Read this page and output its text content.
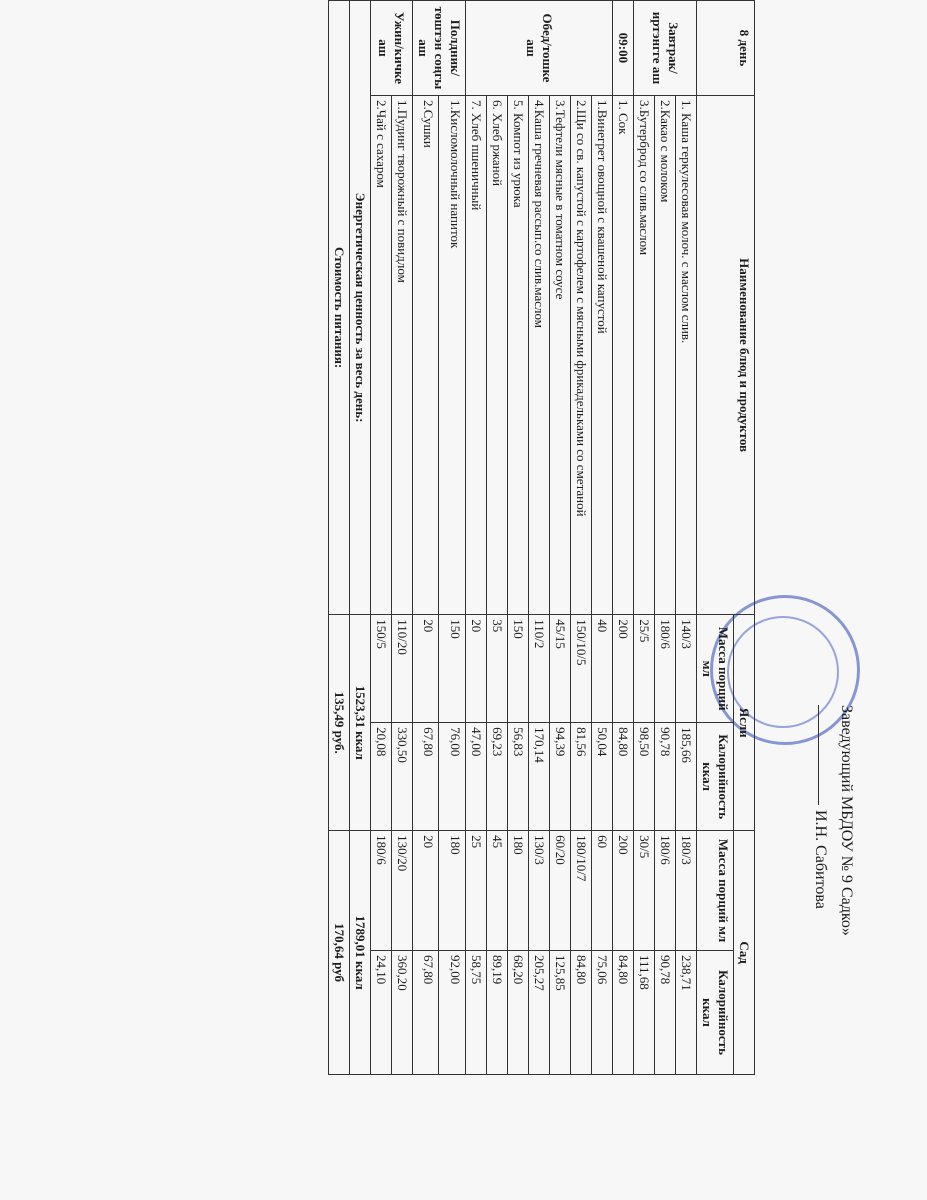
Заведующий МБДОУ № 9 Садко»
И.Н. Сабитова
8 день	Наименование блюд и продуктов	Ясли		Сад	
		Масса порций мл	Калорийность ккал	Масса порций мл	Калорийность ккал
Завтрак/иртэнгге аш	1. Каша геркулесовая молоч. с маслом слив.	140/3	185,66	180/3	238,71
	2.Какао с молоком	180/6	90,78	180/6	90,78
	3.Бутерброд со слив.маслом	25/5	98,50	30/5	111,68
09:00	1. Сок	200	84,80	200	84,80
Обед/тошке аш	1.Винегрет овощной с квашеной капустой	40	50,04	60	75,06
	2.Щи со св. капустой с картофелем с мясными фрикадельками со сметаной	150/10/5	81,56	180/10/7	84,80
	3.Тефтели мясные в томатном соусе	45/15	94,39	60/20	125,85
	4.Каша гречневая рассып.со слив.маслом	110/2	170,14	130/3	205,27
	5. Компот из урюка	150	56,83	180	68,20
	6. Хлеб ржаной	35	69,23	45	89,19
	7. Хлеб пшеничный	20	47,00	25	58,75
Полдник/төштэн соңгы аш	1.Кисломолочный напиток	150	76,00	180	92,00
	2.Сушки	20	67,80	20	67,80
Ужин/кичке аш	1.Пудинг творожный с повидлом	110/20	330,50	130/20	360,20
	2.Чай с сахаром	150/5	20,08	180/6	24,10
Энергетическая ценность за весь день:		1523,31 ккал		1789,01 ккал	
Стоимость питания:		135,49 руб.		170,64 руб	
